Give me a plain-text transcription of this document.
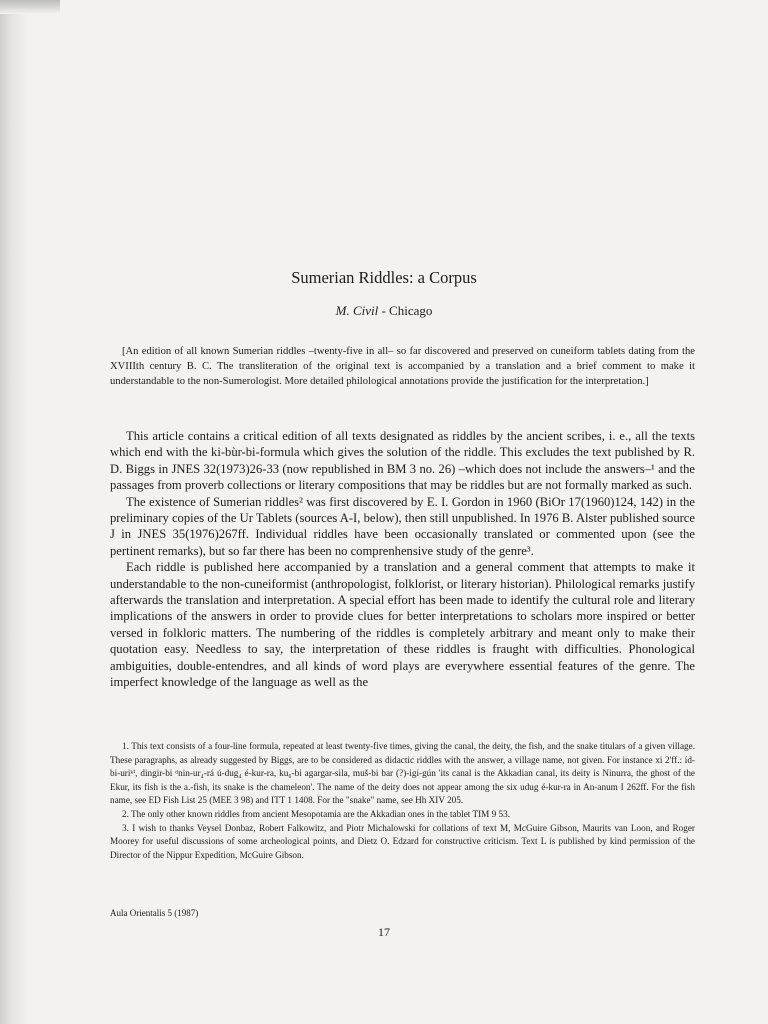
Sumerian Riddles: a Corpus
M. Civil - Chicago

[An edition of all known Sumerian riddles –twenty-five in all– so far discovered and preserved on cuneiform tablets dating from the XVIIIth century B. C. The transliteration of the original text is accompanied by a translation and a brief comment to make it understandable to the non-Sumerologist. More detailed philological annotations provide the justification for the interpretation.]

This article contains a critical edition of all texts designated as riddles by the ancient scribes, i. e., all the texts which end with the ki-bùr-bi-formula which gives the solution of the riddle. This excludes the text published by R. D. Biggs in JNES 32(1973)26-33 (now republished in BM 3 no. 26) –which does not include the answers–¹ and the passages from proverb collections or literary compositions that may be riddles but are not formally marked as such.

The existence of Sumerian riddles² was first discovered by E. I. Gordon in 1960 (BiOr 17(1960)124, 142) in the preliminary copies of the Ur Tablets (sources A-I, below), then still unpublished. In 1976 B. Alster published source J in JNES 35(1976)267ff. Individual riddles have been occasionally translated or commented upon (see the pertinent remarks), but so far there has been no comprenhensive study of the genre³.

Each riddle is published here accompanied by a translation and a general comment that attempts to make it understandable to the non-cuneiformist (anthropologist, folklorist, or literary historian). Philological remarks justify afterwards the translation and interpretation. A special effort has been made to identify the cultural role and literary implications of the answers in order to provide clues for better interpretations to scholars more inspired or better versed in folkloric matters. The numbering of the riddles is completely arbitrary and meant only to make their quotation easy. Needless to say, the interpretation of these riddles is fraught with difficulties. Phonological ambiguities, double-entendres, and all kinds of word plays are everywhere essential features of the genre. The imperfect knowledge of the language as well as the

1. This text consists of a four-line formula, repeated at least twenty-five times, giving the canal, the deity, the fish, and the snake titulars of a given village. These paragraphs, as already suggested by Biggs, are to be considered as didactic riddles with the answer, a village name, not given. For instance xi 2'ff.: íd-bi-uriᵏⁱ, dingir-bi ᵈnin-ur₄-rá ú-dug₄ é-kur-ra, ku₆-bi agargar-sila, muš-bi bar (?)-igi-gún 'its canal is the Akkadian canal, its deity is Ninurra, the ghost of the Ekur, its fish is the a.-fish, its snake is the chameleon'. The name of the deity does not appear among the six udug é-kur-ra in An-anum I 262ff. For the fish name, see ED Fish List 25 (MEE 3 98) and ITT 1 1408. For the "snake" name, see Hh XIV 205.

2. The only other known riddles from ancient Mesopotamia are the Akkadian ones in the tablet TIM 9 53.

3. I wish to thanks Veysel Donbaz, Robert Falkowitz, and Piotr Michalowski for collations of text M, McGuire Gibson, Maurits van Loon, and Roger Moorey for useful discussions of some archeological points, and Dietz O. Edzard for constructive criticism. Text L is published by kind permission of the Director of the Nippur Expedition, McGuire Gibson.

Aula Orientalis 5 (1987)
17
